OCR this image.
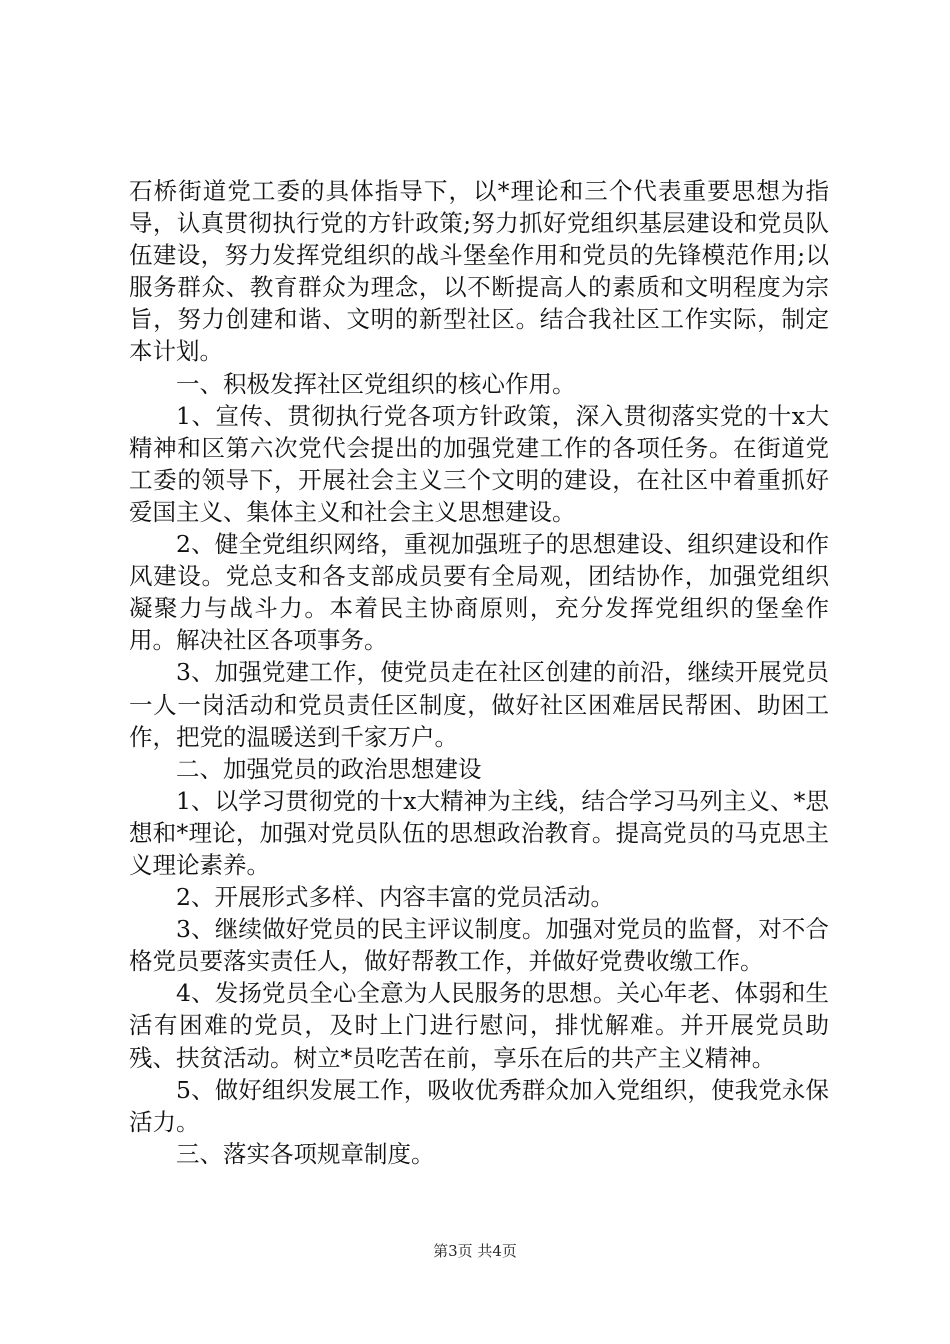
石桥街道党工委的具体指导下，以*理论和三个代表重要思想为指导，认真贯彻执行党的方针政策;努力抓好党组织基层建设和党员队伍建设，努力发挥党组织的战斗堡垒作用和党员的先锋模范作用;以服务群众、教育群众为理念，以不断提高人的素质和文明程度为宗旨，努力创建和谐、文明的新型社区。结合我社区工作实际，制定本计划。

一、积极发挥社区党组织的核心作用。

1、宣传、贯彻执行党各项方针政策，深入贯彻落实党的十x大精神和区第六次党代会提出的加强党建工作的各项任务。在街道党工委的领导下，开展社会主义三个文明的建设，在社区中着重抓好爱国主义、集体主义和社会主义思想建设。

2、健全党组织网络，重视加强班子的思想建设、组织建设和作风建设。党总支和各支部成员要有全局观，团结协作，加强党组织凝聚力与战斗力。本着民主协商原则，充分发挥党组织的堡垒作用。解决社区各项事务。

3、加强党建工作，使党员走在社区创建的前沿，继续开展党员一人一岗活动和党员责任区制度，做好社区困难居民帮困、助困工作，把党的温暖送到千家万户。

二、加强党员的政治思想建设

1、以学习贯彻党的十x大精神为主线，结合学习马列主义、*思想和*理论，加强对党员队伍的思想政治教育。提高党员的马克思主义理论素养。

2、开展形式多样、内容丰富的党员活动。

3、继续做好党员的民主评议制度。加强对党员的监督，对不合格党员要落实责任人，做好帮教工作，并做好党费收缴工作。

4、发扬党员全心全意为人民服务的思想。关心年老、体弱和生活有困难的党员，及时上门进行慰问，排忧解难。并开展党员助残、扶贫活动。树立*员吃苦在前，享乐在后的共产主义精神。

5、做好组织发展工作，吸收优秀群众加入党组织，使我党永保活力。

三、落实各项规章制度。

第3页 共4页
